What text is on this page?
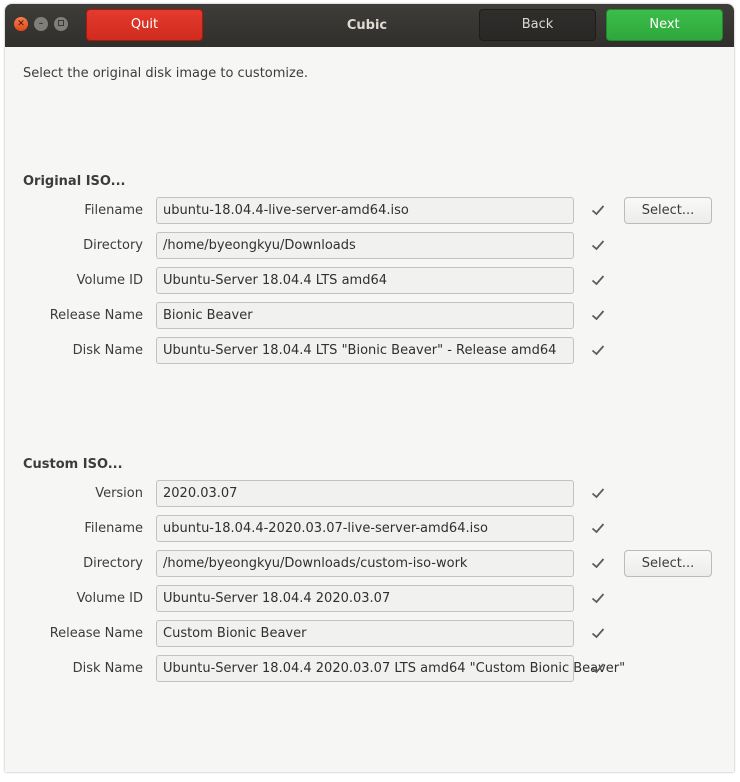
✕	–	Quit	Cubic	Back	Next
Select the original disk image to customize.
Original ISO...
Filename	ubuntu-18.04.4-live-server-amd64.iso	Select...
Directory	/home/byeongkyu/Downloads
Volume ID	Ubuntu-Server 18.04.4 LTS amd64
Release Name	Bionic Beaver
Disk Name	Ubuntu-Server 18.04.4 LTS "Bionic Beaver" - Release amd64
Custom ISO...
Version	2020.03.07
Filename	ubuntu-18.04.4-2020.03.07-live-server-amd64.iso
Directory	/home/byeongkyu/Downloads/custom-iso-work	Select...
Volume ID	Ubuntu-Server 18.04.4 2020.03.07
Release Name	Custom Bionic Beaver
Disk Name	Ubuntu-Server 18.04.4 2020.03.07 LTS amd64 "Custom Bionic Beaver"
